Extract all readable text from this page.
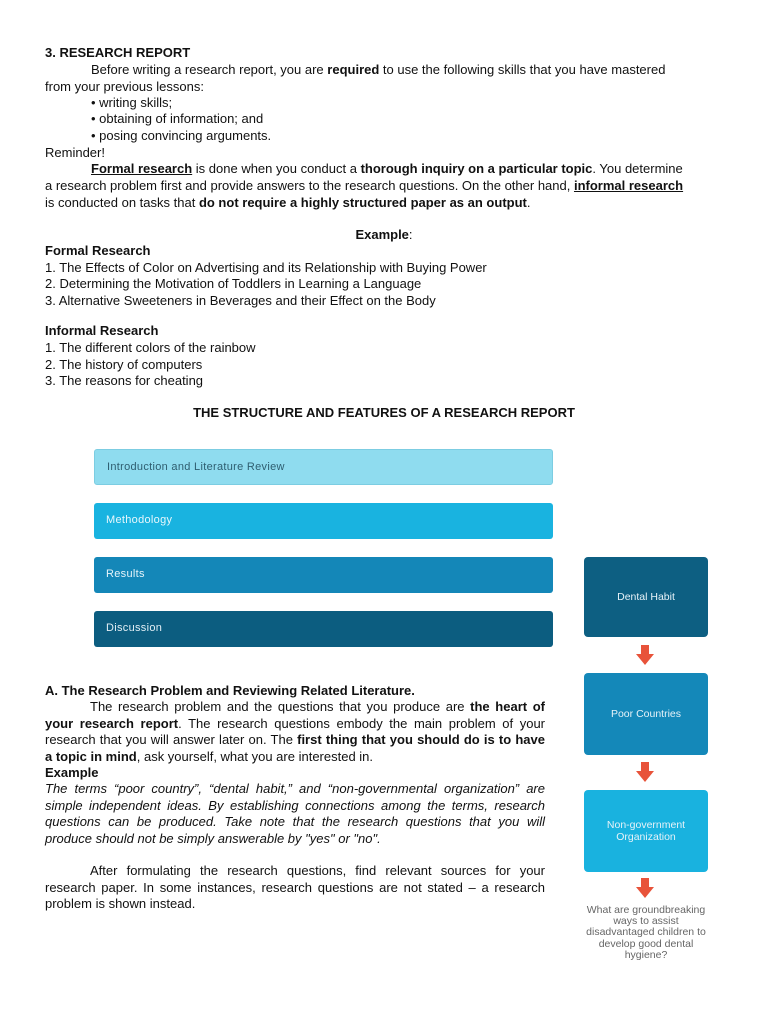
3. RESEARCH REPORT
Before writing a research report, you are required to use the following skills that you have mastered
from your previous lessons:
• writing skills;
• obtaining of information; and
• posing convincing arguments.
Reminder!
Formal research is done when you conduct a thorough inquiry on a particular topic. You determine
a research problem first and provide answers to the research questions. On the other hand, informal research
is conducted on tasks that do not require a highly structured paper as an output.
Example:
Formal Research
1. The Effects of Color on Advertising and its Relationship with Buying Power
2. Determining the Motivation of Toddlers in Learning a Language
3. Alternative Sweeteners in Beverages and their Effect on the Body
Informal Research
1. The different colors of the rainbow
2. The history of computers
3. The reasons for cheating
THE STRUCTURE AND FEATURES OF A RESEARCH REPORT
Introduction and Literature Review
Methodology
Results
Discussion
Dental Habit
Poor Countries
Non-government Organization
What are groundbreaking ways to assist disadvantaged children to develop good dental hygiene?
A. The Research Problem and Reviewing Related Literature.
The research problem and the questions that you produce are the heart of your research report. The research questions embody the main problem of your research that you will answer later on. The first thing that you should do is to have a topic in mind, ask yourself, what you are interested in.
Example
The terms “poor country”, “dental habit,” and “non-governmental organization” are simple independent ideas. By establishing connections among the terms, research questions can be produced. Take note that the research questions that you will produce should not be simply answerable by "yes" or "no".
After formulating the research questions, find relevant sources for your research paper. In some instances, research questions are not stated – a research problem is shown instead.
